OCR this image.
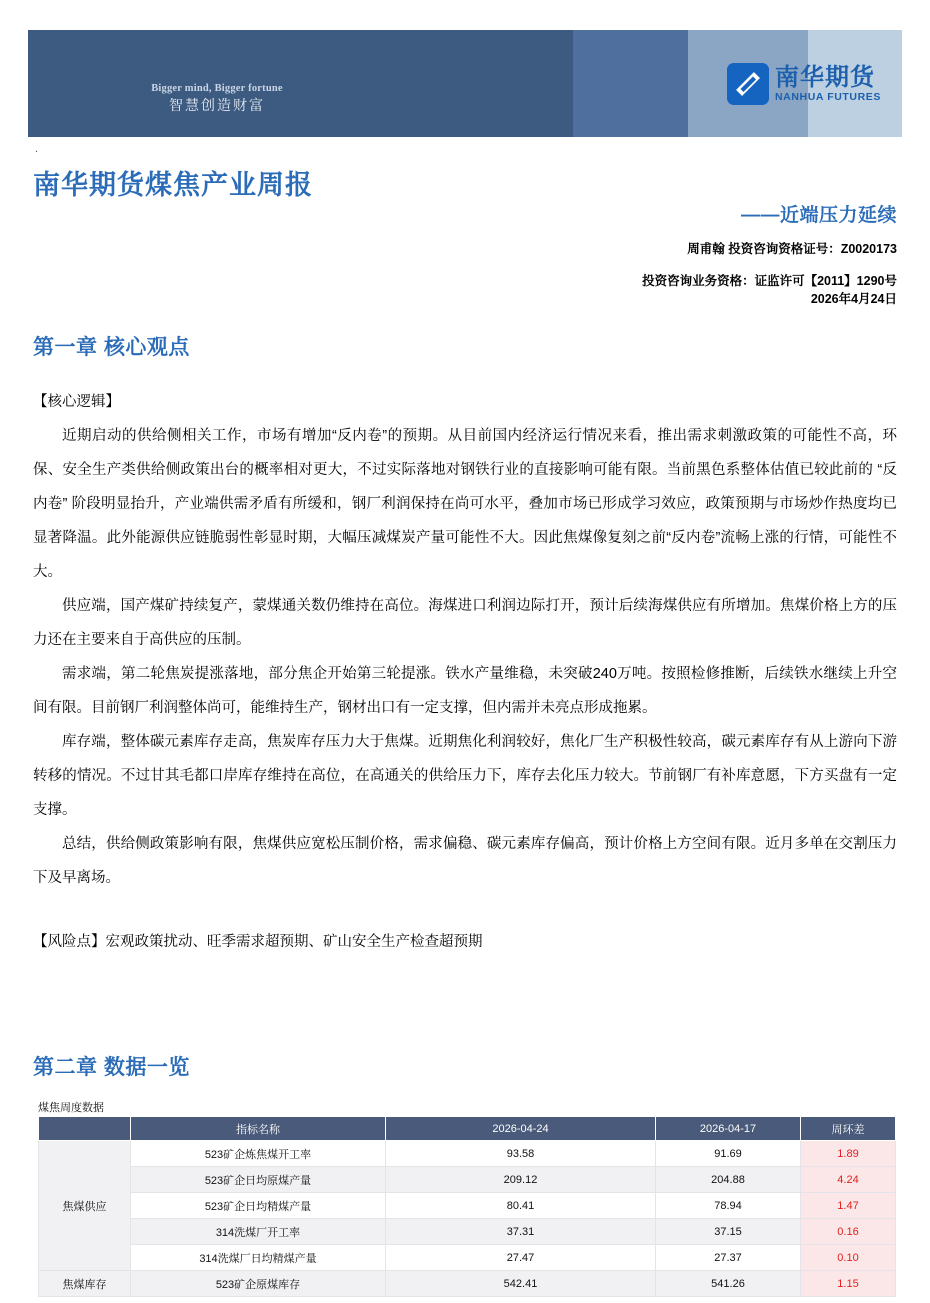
Bigger mind, Bigger fortune
智慧创造财富
南华期货
NANHUA FUTURES
.
南华期货煤焦产业周报
——近端压力延续
周甫翰 投资咨询资格证号：Z0020173
投资咨询业务资格：证监许可【2011】1290号
2026年4月24日
第一章 核心观点

【核心逻辑】

近期启动的供给侧相关工作，市场有增加“反内卷”的预期。从目前国内经济运行情况来看，推出需求刺激政策的可能性不高，环保、安全生产类供给侧政策出台的概率相对更大，不过实际落地对钢铁行业的直接影响可能有限。当前黑色系整体估值已较此前的 “反内卷” 阶段明显抬升，产业端供需矛盾有所缓和，钢厂利润保持在尚可水平，叠加市场已形成学习效应，政策预期与市场炒作热度均已显著降温。此外能源供应链脆弱性彰显时期，大幅压减煤炭产量可能性不大。因此焦煤像复刻之前“反内卷”流畅上涨的行情，可能性不大。

供应端，国产煤矿持续复产，蒙煤通关数仍维持在高位。海煤进口利润边际打开，预计后续海煤供应有所增加。焦煤价格上方的压力还在主要来自于高供应的压制。

需求端，第二轮焦炭提涨落地，部分焦企开始第三轮提涨。铁水产量维稳，未突破240万吨。按照检修推断，后续铁水继续上升空间有限。目前钢厂利润整体尚可，能维持生产，钢材出口有一定支撑，但内需并未亮点形成拖累。

库存端，整体碳元素库存走高，焦炭库存压力大于焦煤。近期焦化利润较好，焦化厂生产积极性较高，碳元素库存有从上游向下游转移的情况。不过甘其毛都口岸库存维持在高位，在高通关的供给压力下，库存去化压力较大。节前钢厂有补库意愿，下方买盘有一定支撑。

总结，供给侧政策影响有限，焦煤供应宽松压制价格，需求偏稳、碳元素库存偏高，预计价格上方空间有限。近月多单在交割压力下及早离场。

【风险点】宏观政策扰动、旺季需求超预期、矿山安全生产检查超预期

第二章 数据一览
煤焦周度数据
	指标名称	2026-04-24	2026-04-17	周环差
焦煤供应	523矿企炼焦煤开工率	93.58	91.69	1.89
	523矿企日均原煤产量	209.12	204.88	4.24
	523矿企日均精煤产量	80.41	78.94	1.47
	314洗煤厂开工率	37.31	37.15	0.16
	314洗煤厂日均精煤产量	27.47	27.37	0.10
焦煤库存	523矿企原煤库存	542.41	541.26	1.15
